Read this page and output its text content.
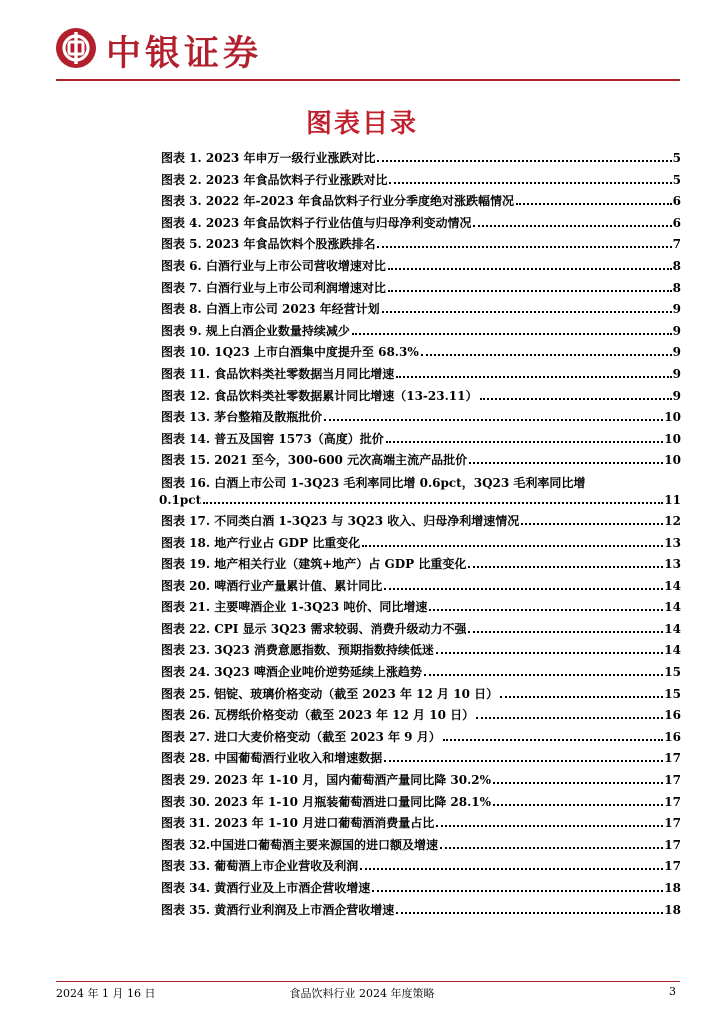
中银证券
图表目录
图表 1. 2023 年申万一级行业涨跌对比	5
图表 2. 2023 年食品饮料子行业涨跌对比	5
图表 3. 2022 年-2023 年食品饮料子行业分季度绝对涨跌幅情况	6
图表 4. 2023 年食品饮料子行业估值与归母净利变动情况	6
图表 5. 2023 年食品饮料个股涨跌排名	7
图表 6. 白酒行业与上市公司营收增速对比	8
图表 7. 白酒行业与上市公司利润增速对比	8
图表 8. 白酒上市公司 2023 年经营计划	9
图表 9. 规上白酒企业数量持续减少	9
图表 10. 1Q23 上市白酒集中度提升至 68.3%	9
图表 11. 食品饮料类社零数据当月同比增速	9
图表 12. 食品饮料类社零数据累计同比增速（13-23.11）	9
图表 13. 茅台整箱及散瓶批价	10
图表 14. 普五及国窖 1573（高度）批价	10
图表 15. 2021 至今，300-600 元次高端主流产品批价	10
图表 16. 白酒上市公司 1-3Q23 毛利率同比增 0.6pct，3Q23 毛利率同比增
0.1pct	11
图表 17. 不同类白酒 1-3Q23 与 3Q23 收入、归母净利增速情况	12
图表 18. 地产行业占 GDP 比重变化	13
图表 19. 地产相关行业（建筑+地产）占 GDP 比重变化	13
图表 20. 啤酒行业产量累计值、累计同比	14
图表 21. 主要啤酒企业 1-3Q23 吨价、同比增速	14
图表 22. CPI 显示 3Q23 需求较弱、消费升级动力不强	14
图表 23. 3Q23 消费意愿指数、预期指数持续低迷	14
图表 24. 3Q23 啤酒企业吨价逆势延续上涨趋势	15
图表 25. 铝锭、玻璃价格变动（截至 2023 年 12 月 10 日）	15
图表 26. 瓦楞纸价格变动（截至 2023 年 12 月 10 日）	16
图表 27. 进口大麦价格变动（截至 2023 年 9 月）	16
图表 28. 中国葡萄酒行业收入和增速数据	17
图表 29. 2023 年 1-10 月，国内葡萄酒产量同比降 30.2%	17
图表 30. 2023 年 1-10 月瓶装葡萄酒进口量同比降 28.1%	17
图表 31. 2023 年 1-10 月进口葡萄酒消费量占比	17
图表 32.中国进口葡萄酒主要来源国的进口额及增速	17
图表 33. 葡萄酒上市企业营收及利润	17
图表 34. 黄酒行业及上市酒企营收增速	18
图表 35. 黄酒行业利润及上市酒企营收增速	18
2024 年 1 月 16 日	食品饮料行业 2024 年度策略	3
